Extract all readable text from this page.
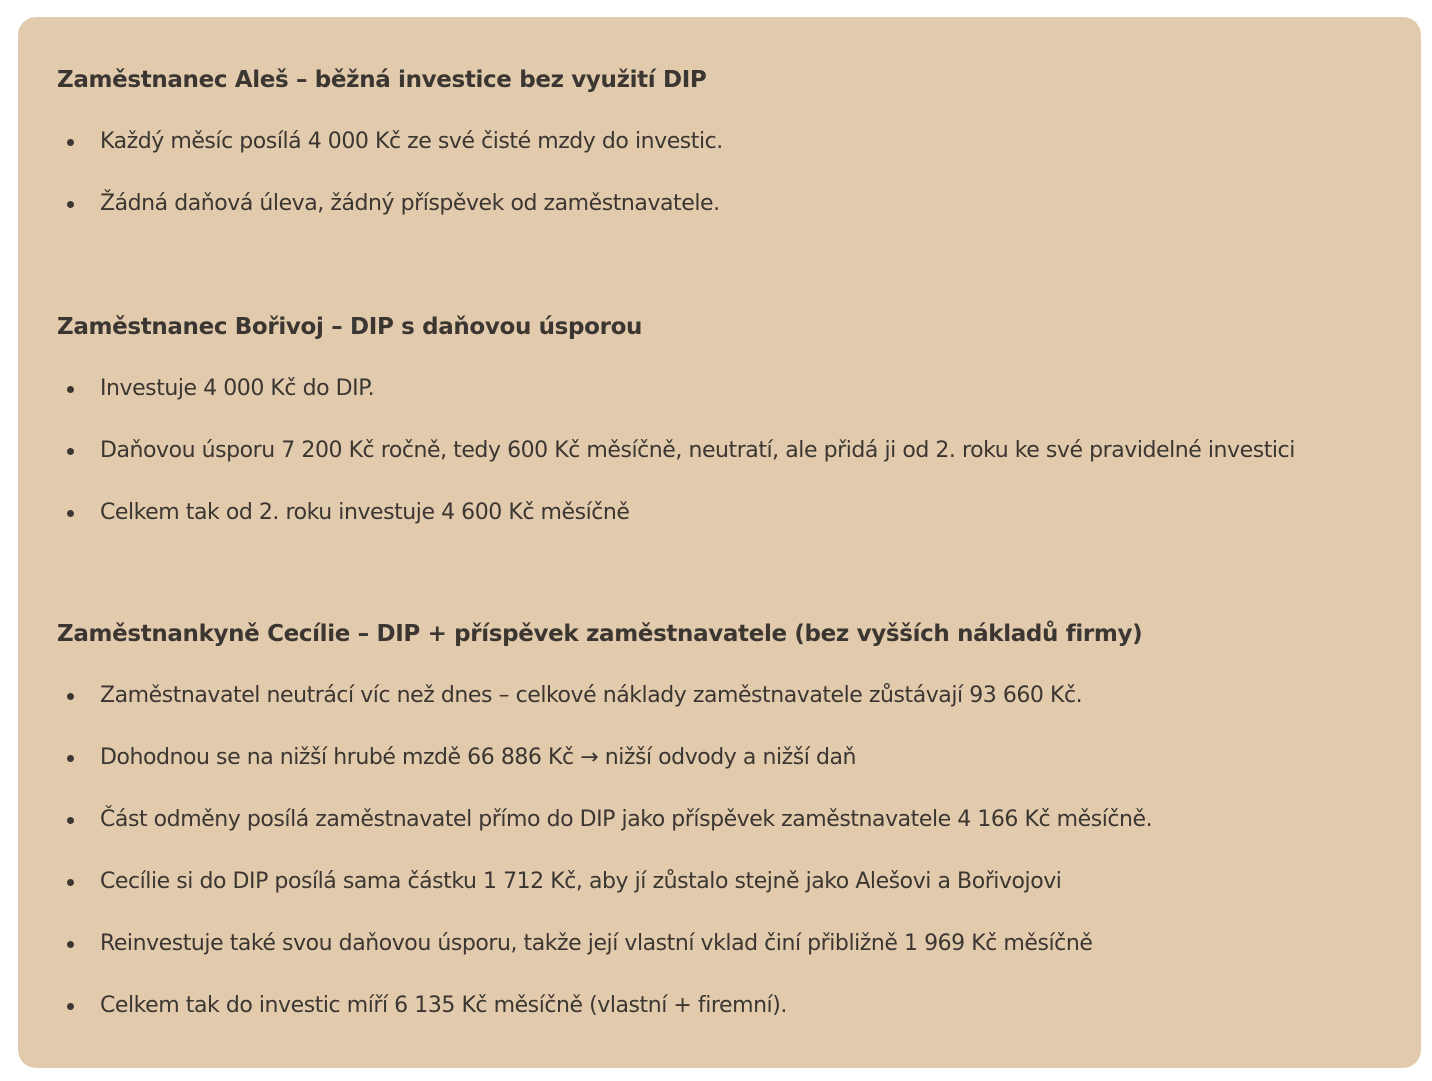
Zaměstnanec Aleš – běžná investice bez využití DIP
Každý měsíc posílá 4 000 Kč ze své čisté mzdy do investic.
Žádná daňová úleva, žádný příspěvek od zaměstnavatele.
Zaměstnanec Bořivoj – DIP s daňovou úsporou
Investuje 4 000 Kč do DIP.
Daňovou úsporu 7 200 Kč ročně, tedy 600 Kč měsíčně, neutratí, ale přidá ji od 2. roku ke své pravidelné investici
Celkem tak od 2. roku investuje 4 600 Kč měsíčně
Zaměstnankyně Cecílie – DIP + příspěvek zaměstnavatele (bez vyšších nákladů firmy)
Zaměstnavatel neutrácí víc než dnes – celkové náklady zaměstnavatele zůstávají 93 660 Kč.
Dohodnou se na nižší hrubé mzdě 66 886 Kč → nižší odvody a nižší daň
Část odměny posílá zaměstnavatel přímo do DIP jako příspěvek zaměstnavatele 4 166 Kč měsíčně.
Cecílie si do DIP posílá sama částku 1 712 Kč, aby jí zůstalo stejně jako Alešovi a Bořivojovi
Reinvestuje také svou daňovou úsporu, takže její vlastní vklad činí přibližně 1 969 Kč měsíčně
Celkem tak do investic míří 6 135 Kč měsíčně (vlastní + firemní).
